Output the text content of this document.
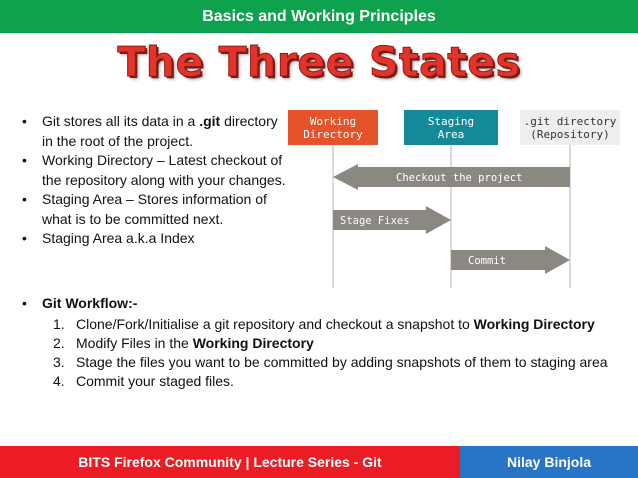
Basics and Working Principles
The Three States
• Git stores all its data in a .git directory in the root of the project.
• Working Directory – Latest checkout of the repository along with your changes.
• Staging Area – Stores information of what is to be committed next.
• Staging Area a.k.a Index
Working
Directory
Staging
Area
.git directory
(Repository)
Checkout the project
Stage Fixes
Commit
• Git Workflow:-
1. Clone/Fork/Initialise a git repository and checkout a snapshot to Working Directory
2. Modify Files in the Working Directory
3. Stage the files you want to be committed by adding snapshots of them to staging area
4. Commit your staged files.
BITS Firefox Community | Lecture Series - Git	Nilay Binjola
